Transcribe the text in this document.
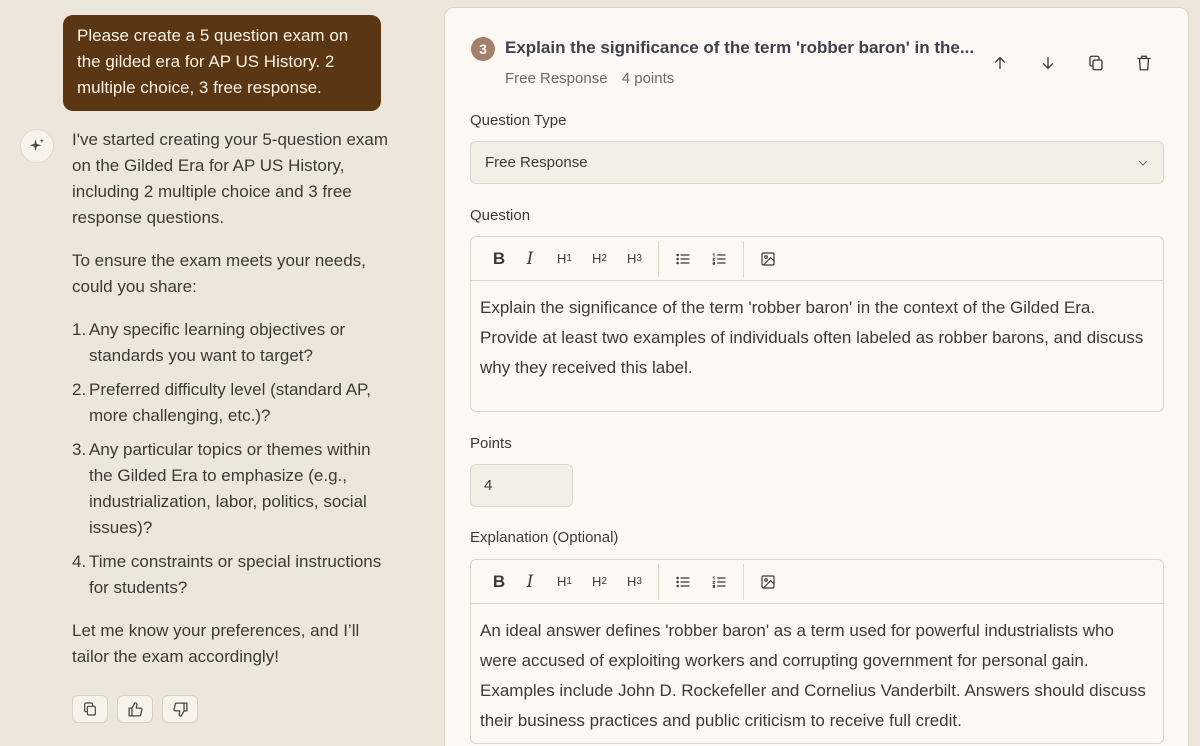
Please create a 5 question exam on the gilded era for AP US History. 2 multiple choice, 3 free response.

I've started creating your 5-question exam on the Gilded Era for AP US History, including 2 multiple choice and 3 free response questions.

To ensure the exam meets your needs, could you share:

1. Any specific learning objectives or standards you want to target?
2. Preferred difficulty level (standard AP, more challenging, etc.)?
3. Any particular topics or themes within the Gilded Era to emphasize (e.g., industrialization, labor, politics, social issues)?
4. Time constraints or special instructions for students?

Let me know your preferences, and I’ll tailor the exam accordingly!

3	Explain the significance of the term 'robber baron' in the...
Free Response 4 points
Question Type
Free Response
Question
B	I	H 1 H 2 H 3
Explain the significance of the term 'robber baron' in the context of the Gilded Era. Provide at least two examples of individuals often labeled as robber barons, and discuss why they received this label.
Points
4
Explanation (Optional)
B	I	H 1 H 2 H 3
An ideal answer defines 'robber baron' as a term used for powerful industrialists who were accused of exploiting workers and corrupting government for personal gain. Examples include John D. Rockefeller and Cornelius Vanderbilt. Answers should discuss their business practices and public criticism to receive full credit.
